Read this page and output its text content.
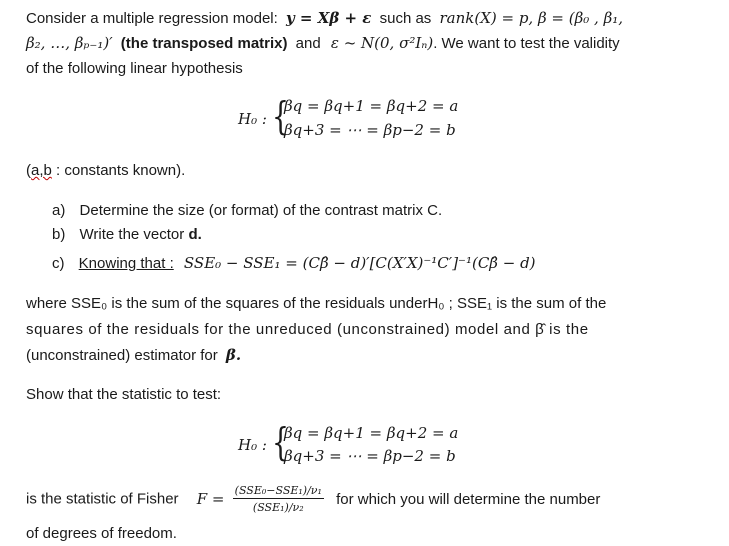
Consider a multiple regression model: y = Xβ + ε such as rank(X) = p, β = (β₀ , β₁,
β₂, …, βₚ₋₁)′ (the transposed matrix) and ε ~ N(0, σ²Iₙ). We want to test the validity
of the following linear hypothesis
H₀ : {
βq = βq+1 = βq+2 = a
βq+3 = ⋯ = βp−2 = b
(a,b : constants known).
a) Determine the size (or format) of the contrast matrix C.
b) Write the vector d.
c) Knowing that : SSE₀ − SSE₁ = (Cβ̂ − d)′[C(X′X)⁻¹C′]⁻¹(Cβ̂ − d)
where SSE₀ is the sum of the squares of the residuals underH₀ ; SSE₁ is the sum of the
squares of the residuals for the unreduced (unconstrained) model and β̂ is the
(unconstrained) estimator for β.
Show that the statistic to test:
H₀ : {
βq = βq+1 = βq+2 = a
βq+3 = ⋯ = βp−2 = b
is the statistic of Fisher $F = \frac{\text{(SSE₀−SSE₁)/ν₁}}{\text{(SSE₁)/ν₂}}$ for which you will determine the number
of degrees of freedom.
